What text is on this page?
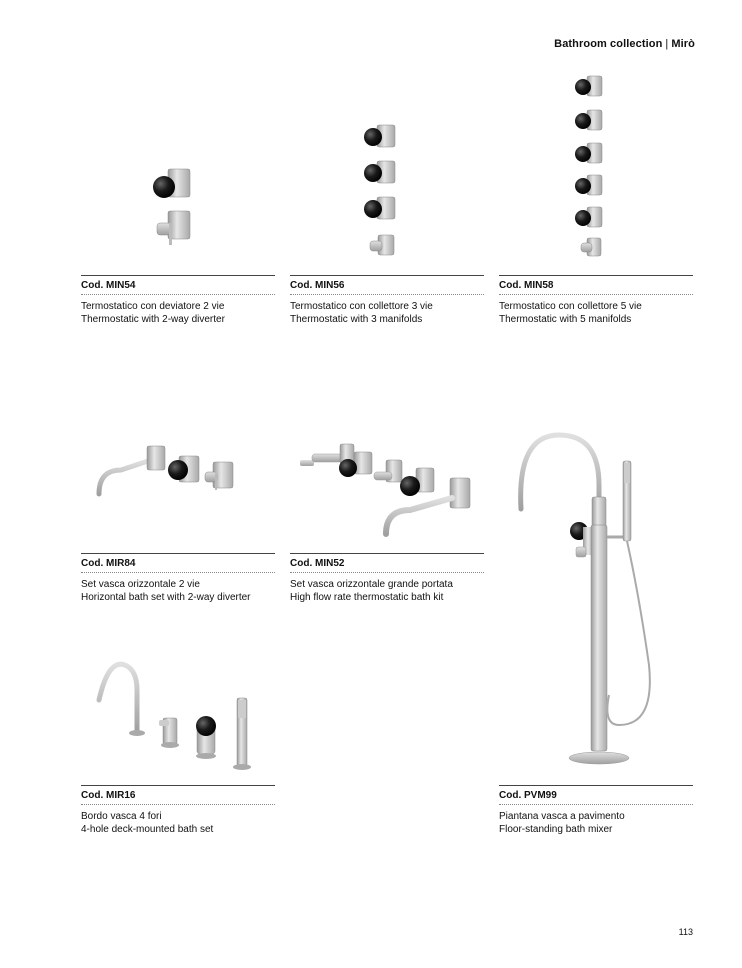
Bathroom collection | Mirò
Cod. MIN54
Termostatico con deviatore 2 vie
Thermostatic with 2-way diverter
Cod. MIN56
Termostatico con collettore 3 vie
Thermostatic with 3 manifolds
Cod. MIN58
Termostatico con collettore 5 vie
Thermostatic with 5 manifolds
Cod. MIR84
Set vasca orizzontale 2 vie
Horizontal bath set with 2-way diverter
Cod. MIN52
Set vasca orizzontale grande portata
High flow rate thermostatic bath kit
Cod. MIR16
Bordo vasca 4 fori
4-hole deck-mounted bath set
Cod. PVM99
Piantana vasca a pavimento
Floor-standing bath mixer
113
